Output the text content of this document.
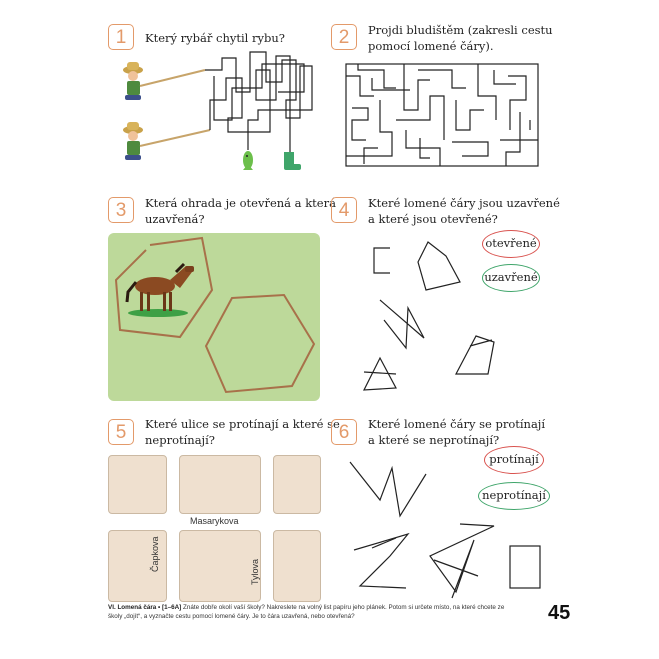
1	Který rybář chytil rybu?	2	Projdi bludištěm (zakresli cestu
pomocí lomené čáry).
3	Která ohrada je otevřená a která
uzavřená?	4	Které lomené čáry jsou uzavřené
a které jsou otevřené?
otevřené
uzavřené
5	Které ulice se protínají a které se
neprotínají?
Masarykova
Čapkova	Tylova
6	Které lomené čáry se protínají
a které se neprotínají?
protínají
neprotínají
VI. Lomená čára • [1–6A] Znáte dobře okolí vaší školy? Nakreslete na volný list papíru jeho plánek. Potom si určete místo, na které chcete ze
školy „dojít“, a vyznačte cestu pomocí lomené čáry. Je to čára uzavřená, nebo otevřená?	45
